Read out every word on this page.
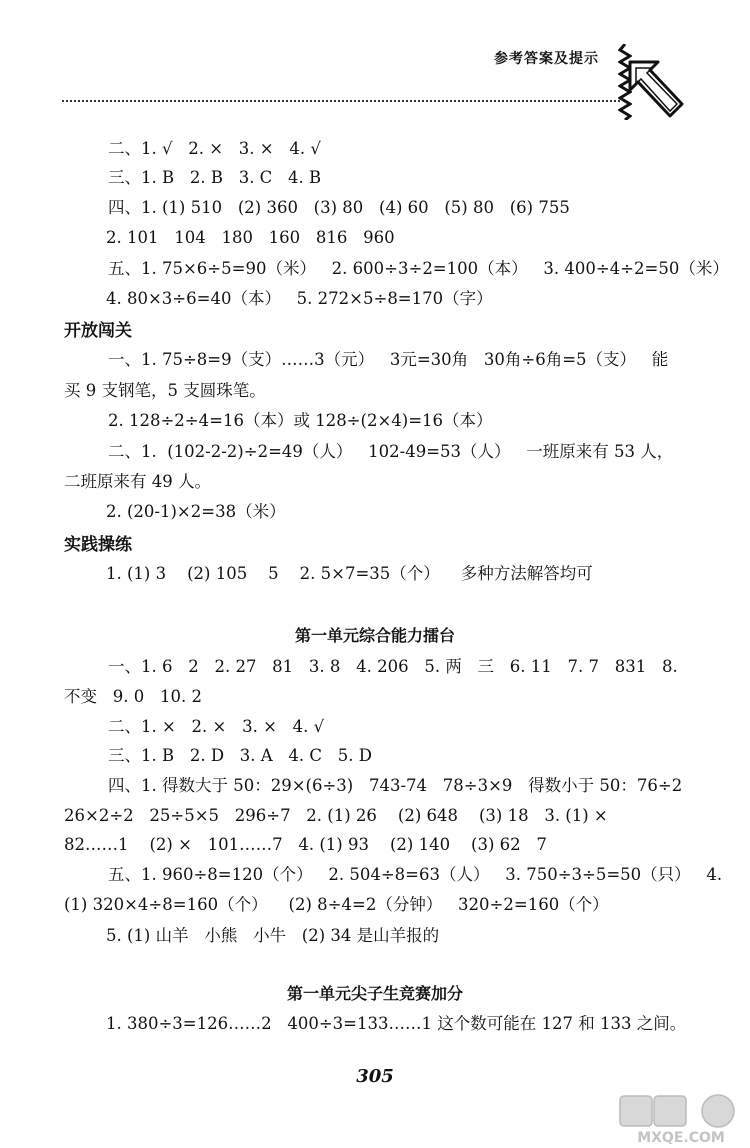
参考答案及提示
二、1. √   2. ×   3. ×   4. √
三、1. B   2. B   3. C   4. B
四、1. (1) 510   (2) 360   (3) 80   (4) 60   (5) 80   (6) 755
2. 101   104   180   160   816   960
五、1. 75×6÷5=90（米）   2. 600÷3÷2=100（本）   3. 400÷4÷2=50（米）
4. 80×3÷6=40（本）   5. 272×5÷8=170（字）
开放闯关
一、1. 75÷8=9（支）……3（元）   3元=30角   30角÷6角=5（支）   能
买 9 支钢笔，5 支圆珠笔。
2. 128÷2÷4=16（本）或 128÷(2×4)=16（本）
二、1.  (102-2-2)÷2=49（人）   102-49=53（人）   一班原来有 53 人，
二班原来有 49 人。
2. (20-1)×2=38（米）
实践操练
1. (1) 3    (2) 105    5    2. 5×7=35（个）    多种方法解答均可
第一单元综合能力擂台
一、1. 6   2   2. 27   81   3. 8   4. 206   5. 两   三   6. 11   7. 7   831   8.
不变   9. 0   10. 2
二、1. ×   2. ×   3. ×   4. √
三、1. B   2. D   3. A   4. C   5. D
四、1. 得数大于 50：29×(6÷3)   743-74   78÷3×9   得数小于 50：76÷2
26×2÷2   25÷5×5   296÷7   2. (1) 26    (2) 648    (3) 18   3. (1) ×
82……1    (2) ×   101……7   4. (1) 93    (2) 140    (3) 62   7
五、1. 960÷8=120（个）   2. 504÷8=63（人）   3. 750÷3÷5=50（只）   4.
(1) 320×4÷8=160（个）    (2) 8÷4=2（分钟）   320÷2=160（个）
5. (1) 山羊   小熊   小牛   (2) 34 是山羊报的
第一单元尖子生竞赛加分
1. 380÷3=126……2   400÷3=133……1 这个数可能在 127 和 133 之间。
305
MXQE.COM
